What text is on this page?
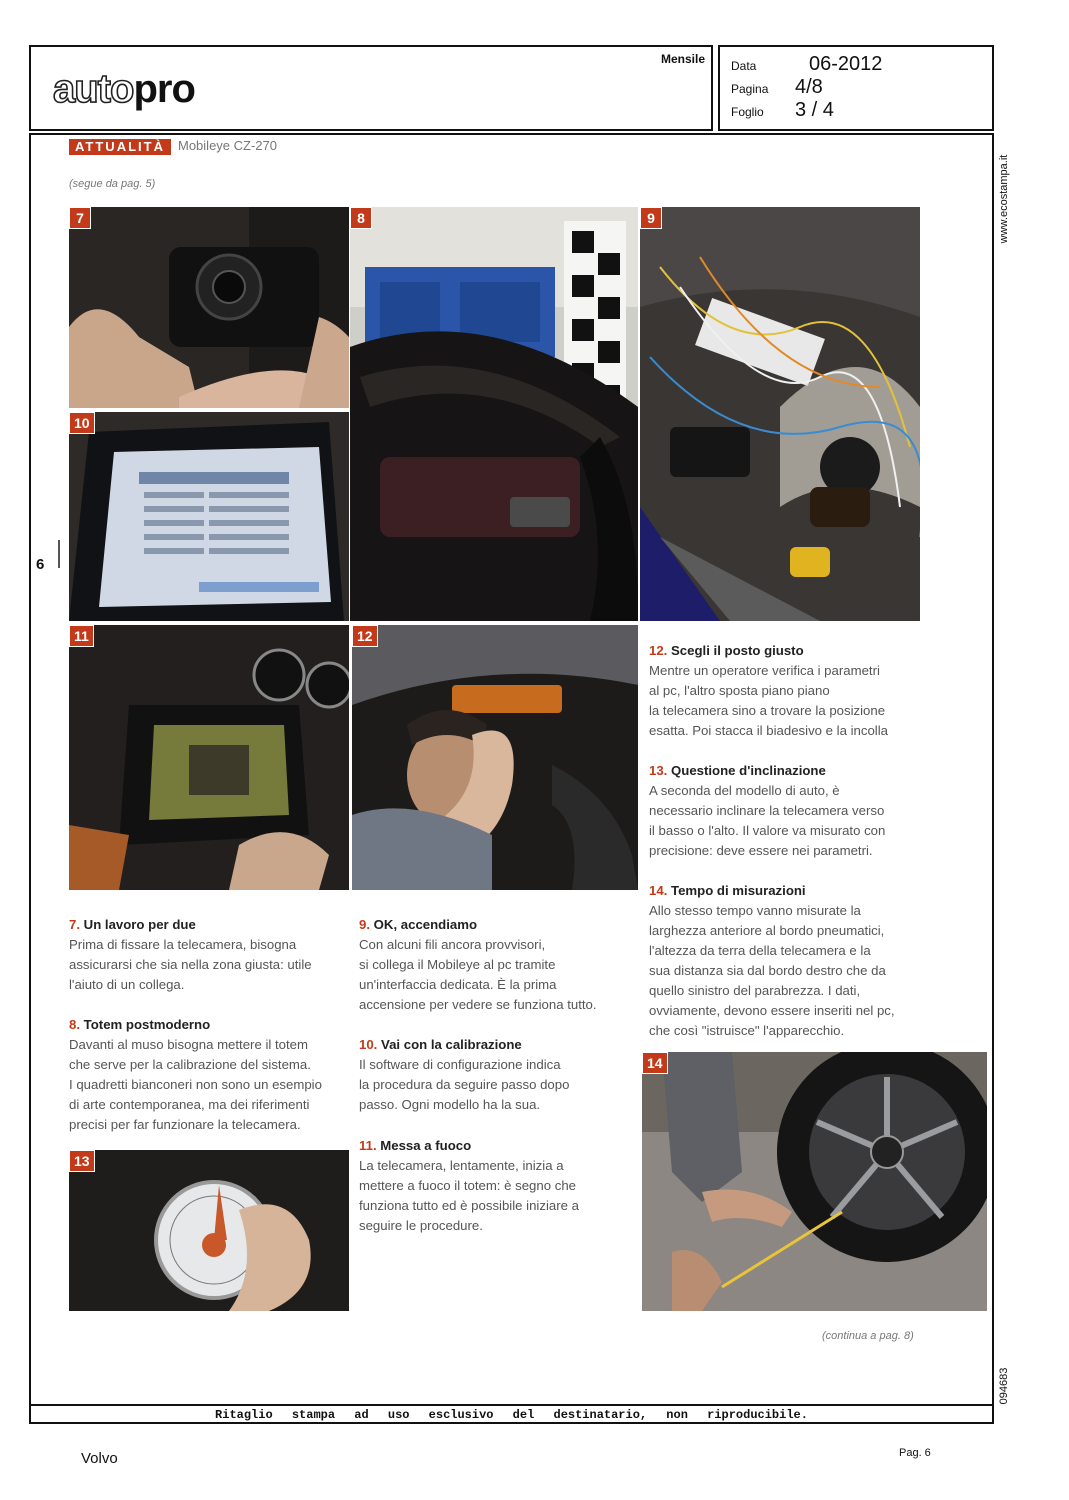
autopro
Mensile Data	06-2012
Pagina	4/8
Foglio	3 / 4
Ritaglio stampa ad uso esclusivo del destinatario, non riproducibile.
www.ecostampa.it
094683
6
ATTUALITÀ	Mobileye CZ-270
(segue da pag. 5)
7
10
8	9
11	12
13
14
7. Un lavoro per due
Prima di fissare la telecamera, bisogna
assicurarsi che sia nella zona giusta: utile
l'aiuto di un collega.
8. Totem postmoderno
Davanti al muso bisogna mettere il totem
che serve per la calibrazione del sistema.
I quadretti bianconeri non sono un esempio
di arte contemporanea, ma dei riferimenti
precisi per far funzionare la telecamera.
9. OK, accendiamo
Con alcuni fili ancora provvisori,
si collega il Mobileye al pc tramite
un'interfaccia dedicata. È la prima
accensione per vedere se funziona tutto.
10. Vai con la calibrazione
Il software di configurazione indica
la procedura da seguire passo dopo
passo. Ogni modello ha la sua.
11. Messa a fuoco
La telecamera, lentamente, inizia a
mettere a fuoco il totem: è segno che
funziona tutto ed è possibile iniziare a
seguire le procedure.
12. Scegli il posto giusto
Mentre un operatore verifica i parametri
al pc, l'altro sposta piano piano
la telecamera sino a trovare la posizione
esatta. Poi stacca il biadesivo e la incolla
13. Questione d'inclinazione
A seconda del modello di auto, è
necessario inclinare la telecamera verso
il basso o l'alto. Il valore va misurato con
precisione: deve essere nei parametri.
14. Tempo di misurazioni
Allo stesso tempo vanno misurate la
larghezza anteriore al bordo pneumatici,
l'altezza da terra della telecamera e la
sua distanza sia dal bordo destro che da
quello sinistro del parabrezza. I dati,
ovviamente, devono essere inseriti nel pc,
che così "istruisce" l'apparecchio.
(continua a pag. 8)
Volvo	Pag. 6
